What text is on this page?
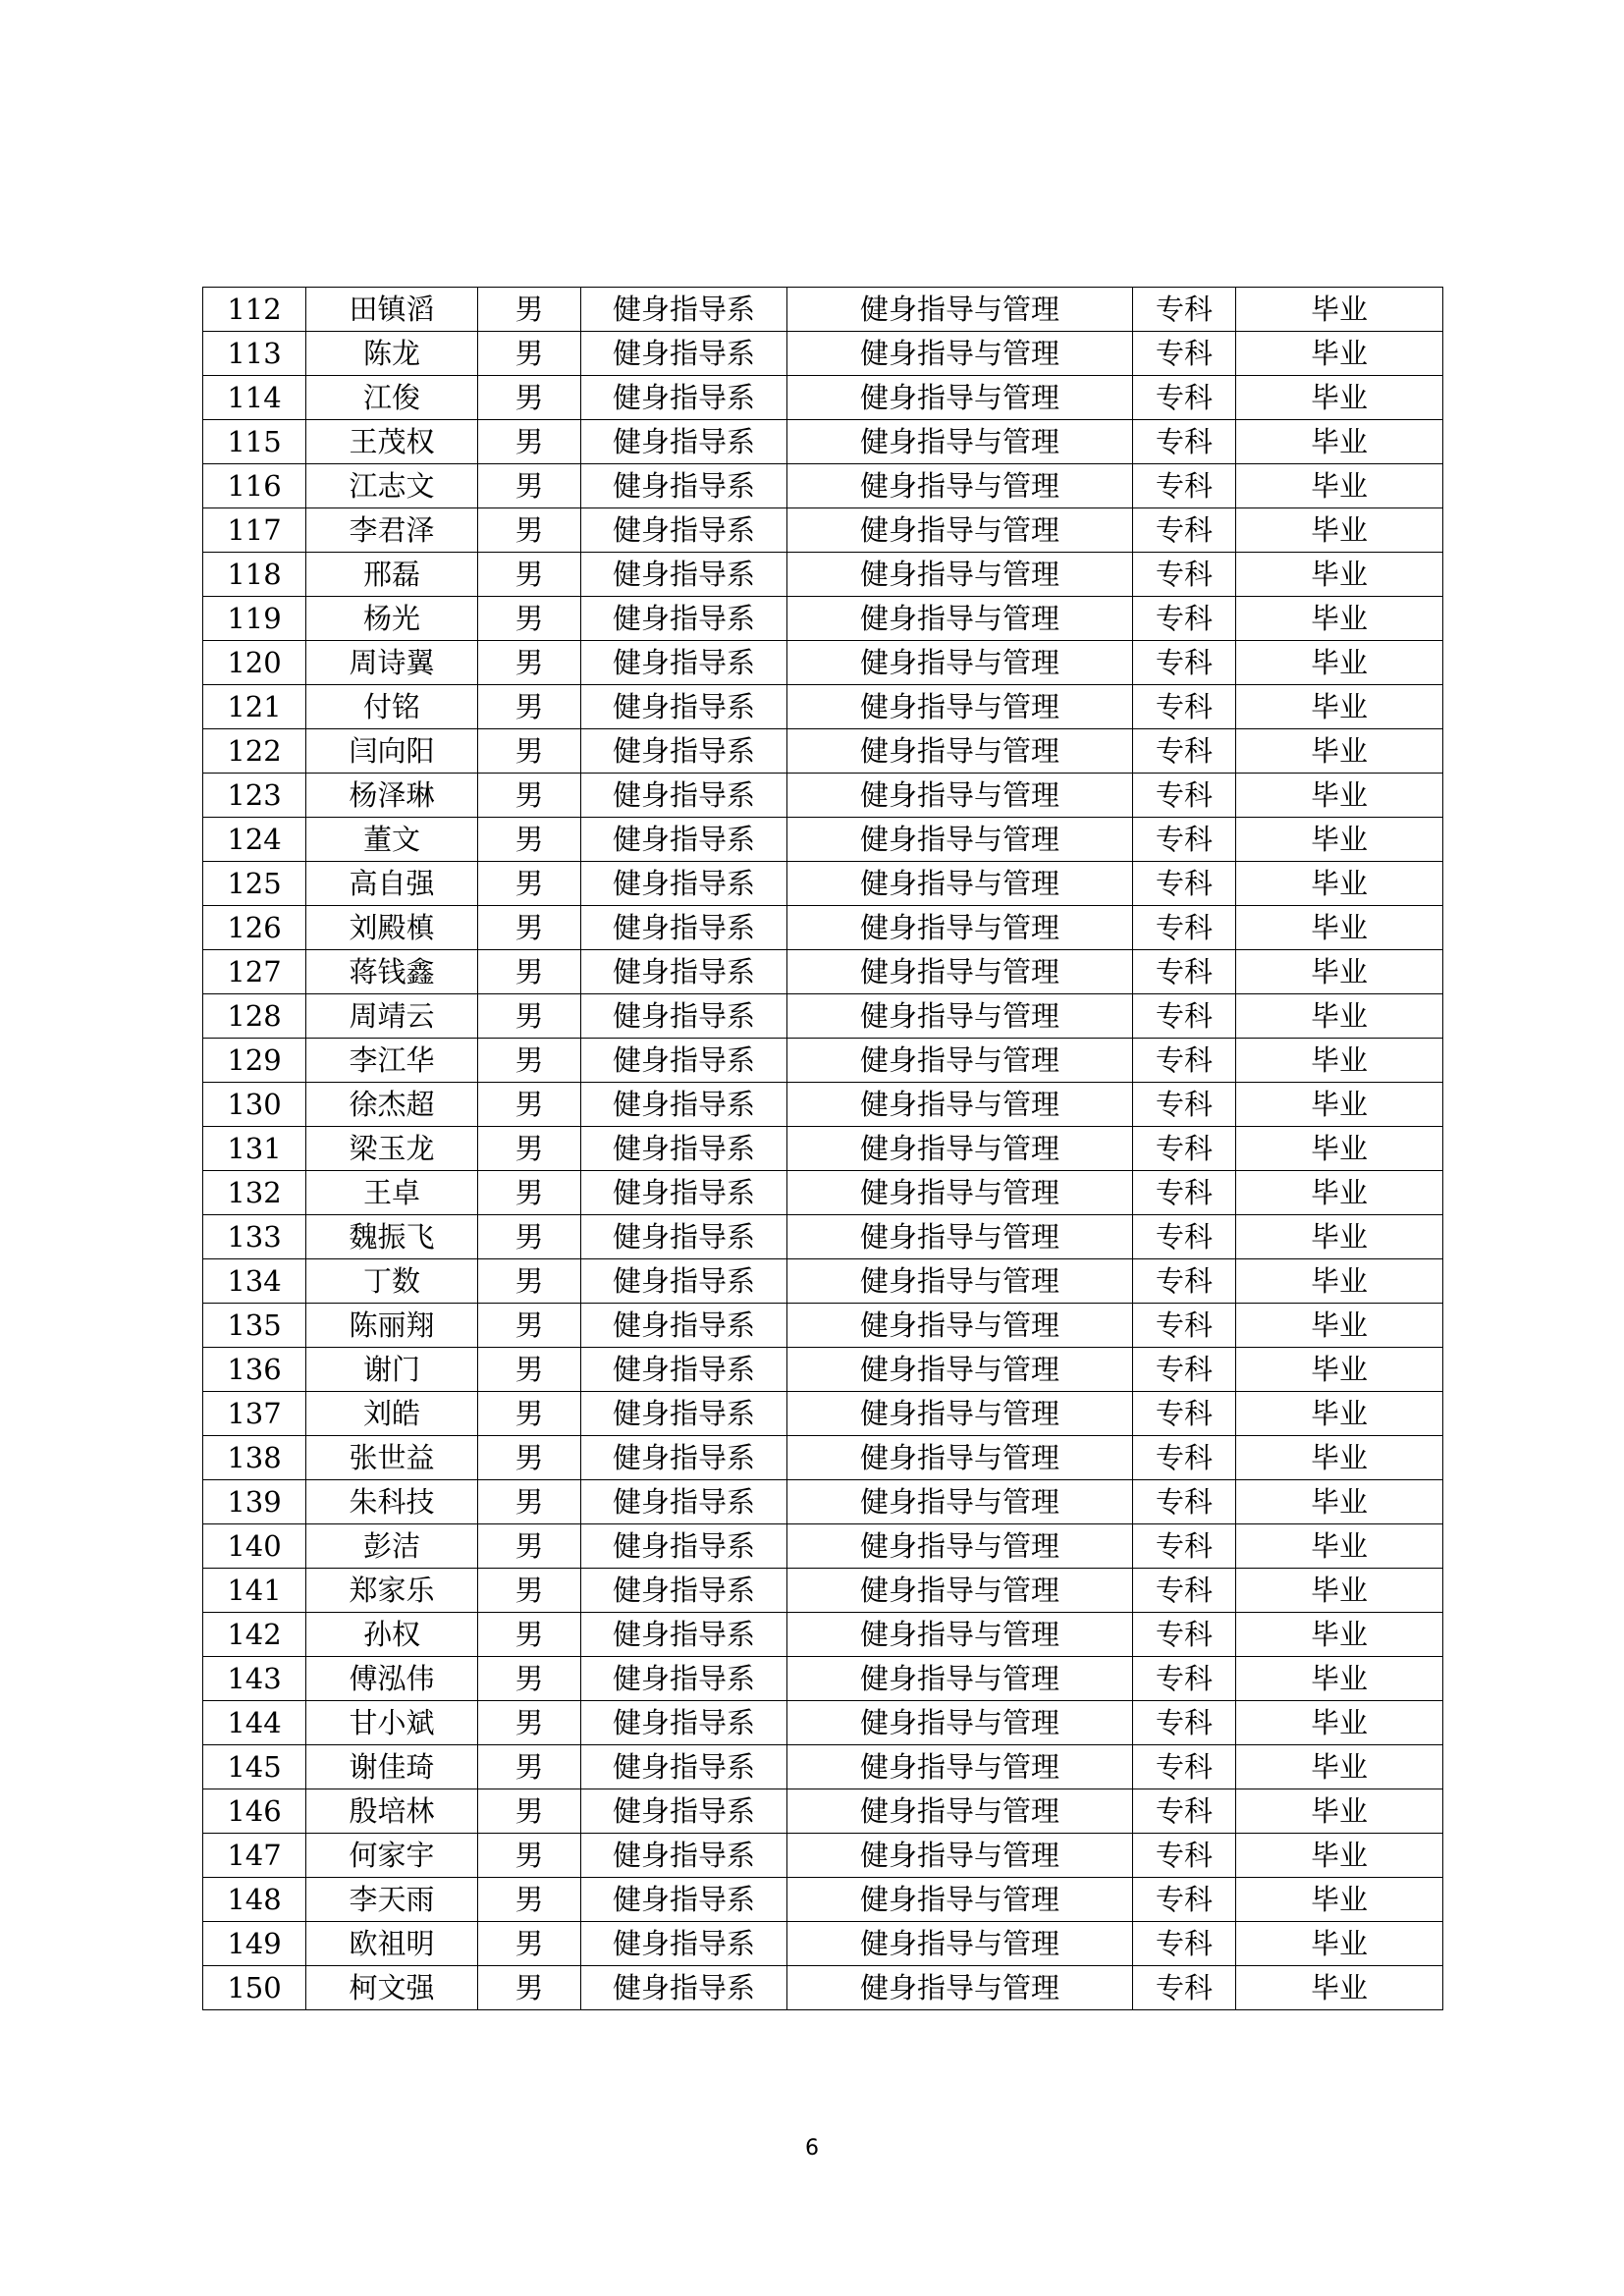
112	田镇滔	男	健身指导系	健身指导与管理	专科	毕业
113	陈龙	男	健身指导系	健身指导与管理	专科	毕业
114	江俊	男	健身指导系	健身指导与管理	专科	毕业
115	王茂权	男	健身指导系	健身指导与管理	专科	毕业
116	江志文	男	健身指导系	健身指导与管理	专科	毕业
117	李君泽	男	健身指导系	健身指导与管理	专科	毕业
118	邢磊	男	健身指导系	健身指导与管理	专科	毕业
119	杨光	男	健身指导系	健身指导与管理	专科	毕业
120	周诗翼	男	健身指导系	健身指导与管理	专科	毕业
121	付铭	男	健身指导系	健身指导与管理	专科	毕业
122	闫向阳	男	健身指导系	健身指导与管理	专科	毕业
123	杨泽琳	男	健身指导系	健身指导与管理	专科	毕业
124	董文	男	健身指导系	健身指导与管理	专科	毕业
125	高自强	男	健身指导系	健身指导与管理	专科	毕业
126	刘殿槙	男	健身指导系	健身指导与管理	专科	毕业
127	蒋钱鑫	男	健身指导系	健身指导与管理	专科	毕业
128	周靖云	男	健身指导系	健身指导与管理	专科	毕业
129	李江华	男	健身指导系	健身指导与管理	专科	毕业
130	徐杰超	男	健身指导系	健身指导与管理	专科	毕业
131	梁玉龙	男	健身指导系	健身指导与管理	专科	毕业
132	王卓	男	健身指导系	健身指导与管理	专科	毕业
133	魏振飞	男	健身指导系	健身指导与管理	专科	毕业
134	丁数	男	健身指导系	健身指导与管理	专科	毕业
135	陈丽翔	男	健身指导系	健身指导与管理	专科	毕业
136	谢门	男	健身指导系	健身指导与管理	专科	毕业
137	刘皓	男	健身指导系	健身指导与管理	专科	毕业
138	张世益	男	健身指导系	健身指导与管理	专科	毕业
139	朱科技	男	健身指导系	健身指导与管理	专科	毕业
140	彭洁	男	健身指导系	健身指导与管理	专科	毕业
141	郑家乐	男	健身指导系	健身指导与管理	专科	毕业
142	孙权	男	健身指导系	健身指导与管理	专科	毕业
143	傅泓伟	男	健身指导系	健身指导与管理	专科	毕业
144	甘小斌	男	健身指导系	健身指导与管理	专科	毕业
145	谢佳琦	男	健身指导系	健身指导与管理	专科	毕业
146	殷培林	男	健身指导系	健身指导与管理	专科	毕业
147	何家宇	男	健身指导系	健身指导与管理	专科	毕业
148	李天雨	男	健身指导系	健身指导与管理	专科	毕业
149	欧祖明	男	健身指导系	健身指导与管理	专科	毕业
150	柯文强	男	健身指导系	健身指导与管理	专科	毕业
6
